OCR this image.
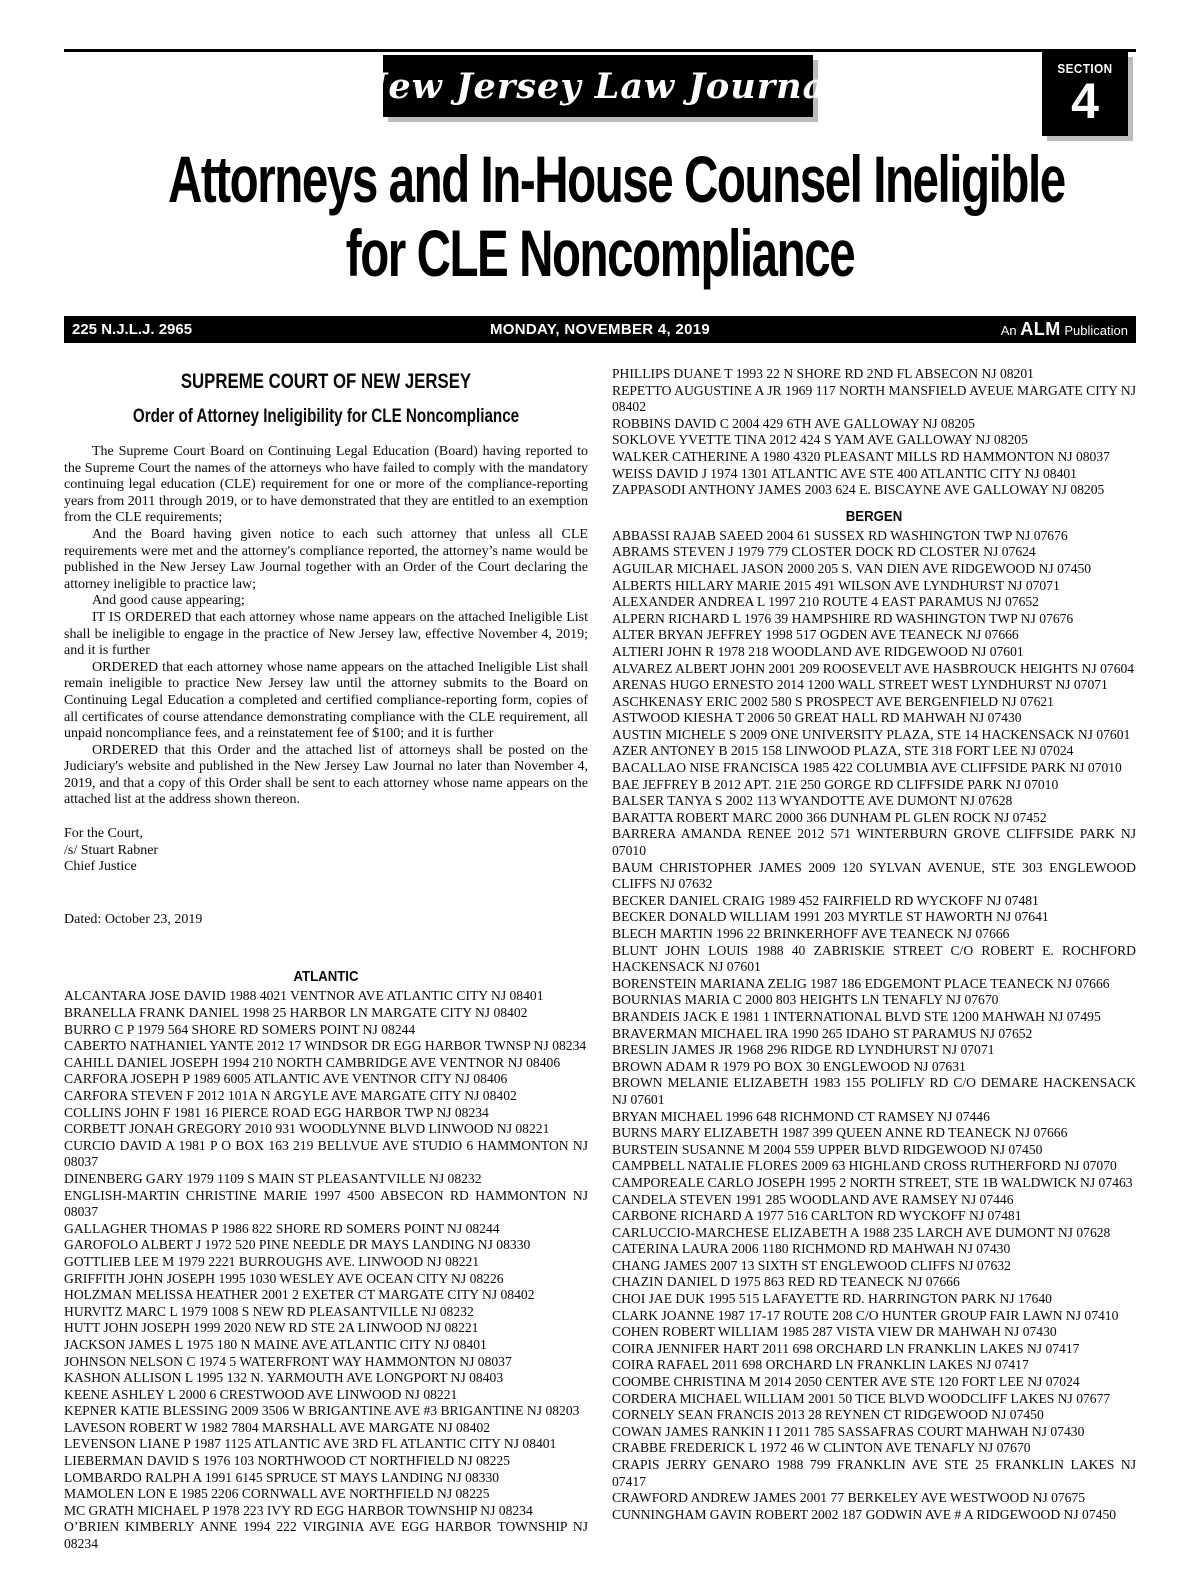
New Jersey Law Journal	SECTION
4
Attorneys and In-House Counsel Ineligible
for CLE Noncompliance
225 N.J.L.J. 2965	MONDAY, NOVEMBER 4, 2019	An ALM Publication
SUPREME COURT OF NEW JERSEY
Order of Attorney Ineligibility for CLE Noncompliance

The Supreme Court Board on Continuing Legal Education (Board) having reported to the Supreme Court the names of the attorneys who have failed to comply with the mandatory continuing legal education (CLE) requirement for one or more of the compliance-reporting years from 2011 through 2019, or to have demonstrated that they are entitled to an exemption from the CLE requirements;

And the Board having given notice to each such attorney that unless all CLE requirements were met and the attorney's compliance reported, the attorney’s name would be published in the New Jersey Law Journal together with an Order of the Court declaring the attorney ineligible to practice law;

And good cause appearing;

IT IS ORDERED that each attorney whose name appears on the attached Ineligible List shall be ineligible to engage in the practice of New Jersey law, effective November 4, 2019; and it is further

ORDERED that each attorney whose name appears on the attached Ineligible List shall remain ineligible to practice New Jersey law until the attorney submits to the Board on Continuing Legal Education a completed and certified compliance-reporting form, copies of all certificates of course attendance demonstrating compliance with the CLE requirement, all unpaid noncompliance fees, and a reinstatement fee of $100; and it is further

ORDERED that this Order and the attached list of attorneys shall be posted on the Judiciary's website and published in the New Jersey Law Journal no later than November 4, 2019, and that a copy of this Order shall be sent to each attorney whose name appears on the attached list at the address shown thereon.

For the Court,
/s/ Stuart Rabner
Chief Justice
Dated: October 23, 2019
ATLANTIC
ALCANTARA JOSE DAVID 1988 4021 VENTNOR AVE ATLANTIC CITY NJ 08401
BRANELLA FRANK DANIEL 1998 25 HARBOR LN MARGATE CITY NJ 08402
BURRO C P 1979 564 SHORE RD SOMERS POINT NJ 08244
CABERTO NATHANIEL YANTE 2012 17 WINDSOR DR EGG HARBOR TWNSP NJ 08234
CAHILL DANIEL JOSEPH 1994 210 NORTH CAMBRIDGE AVE VENTNOR NJ 08406
CARFORA JOSEPH P 1989 6005 ATLANTIC AVE VENTNOR CITY NJ 08406
CARFORA STEVEN F 2012 101A N ARGYLE AVE MARGATE CITY NJ 08402
COLLINS JOHN F 1981 16 PIERCE ROAD EGG HARBOR TWP NJ 08234
CORBETT JONAH GREGORY 2010 931 WOODLYNNE BLVD LINWOOD NJ 08221
CURCIO DAVID A 1981 P O BOX 163 219 BELLVUE AVE STUDIO 6 HAMMONTON NJ 08037
DINENBERG GARY 1979 1109 S MAIN ST PLEASANTVILLE NJ 08232
ENGLISH-MARTIN CHRISTINE MARIE 1997 4500 ABSECON RD HAMMONTON NJ 08037
GALLAGHER THOMAS P 1986 822 SHORE RD SOMERS POINT NJ 08244
GAROFOLO ALBERT J 1972 520 PINE NEEDLE DR MAYS LANDING NJ 08330
GOTTLIEB LEE M 1979 2221 BURROUGHS AVE. LINWOOD NJ 08221
GRIFFITH JOHN JOSEPH 1995 1030 WESLEY AVE OCEAN CITY NJ 08226
HOLZMAN MELISSA HEATHER 2001 2 EXETER CT MARGATE CITY NJ 08402
HURVITZ MARC L 1979 1008 S NEW RD PLEASANTVILLE NJ 08232
HUTT JOHN JOSEPH 1999 2020 NEW RD STE 2A LINWOOD NJ 08221
JACKSON JAMES L 1975 180 N MAINE AVE ATLANTIC CITY NJ 08401
JOHNSON NELSON C 1974 5 WATERFRONT WAY HAMMONTON NJ 08037
KASHON ALLISON L 1995 132 N. YARMOUTH AVE LONGPORT NJ 08403
KEENE ASHLEY L 2000 6 CRESTWOOD AVE LINWOOD NJ 08221
KEPNER KATIE BLESSING 2009 3506 W BRIGANTINE AVE #3 BRIGANTINE NJ 08203
LAVESON ROBERT W 1982 7804 MARSHALL AVE MARGATE NJ 08402
LEVENSON LIANE P 1987 1125 ATLANTIC AVE 3RD FL ATLANTIC CITY NJ 08401
LIEBERMAN DAVID S 1976 103 NORTHWOOD CT NORTHFIELD NJ 08225
LOMBARDO RALPH A 1991 6145 SPRUCE ST MAYS LANDING NJ 08330
MAMOLEN LON E 1985 2206 CORNWALL AVE NORTHFIELD NJ 08225
MC GRATH MICHAEL P 1978 223 IVY RD EGG HARBOR TOWNSHIP NJ 08234
O’BRIEN KIMBERLY ANNE 1994 222 VIRGINIA AVE EGG HARBOR TOWNSHIP NJ 08234
PHILLIPS DUANE T 1993 22 N SHORE RD 2ND FL ABSECON NJ 08201
REPETTO AUGUSTINE A JR 1969 117 NORTH MANSFIELD AVEUE MARGATE CITY NJ 08402
ROBBINS DAVID C 2004 429 6TH AVE GALLOWAY NJ 08205
SOKLOVE YVETTE TINA 2012 424 S YAM AVE GALLOWAY NJ 08205
WALKER CATHERINE A 1980 4320 PLEASANT MILLS RD HAMMONTON NJ 08037
WEISS DAVID J 1974 1301 ATLANTIC AVE STE 400 ATLANTIC CITY NJ 08401
ZAPPASODI ANTHONY JAMES 2003 624 E. BISCAYNE AVE GALLOWAY NJ 08205
BERGEN
ABBASSI RAJAB SAEED 2004 61 SUSSEX RD WASHINGTON TWP NJ 07676
ABRAMS STEVEN J 1979 779 CLOSTER DOCK RD CLOSTER NJ 07624
AGUILAR MICHAEL JASON 2000 205 S. VAN DIEN AVE RIDGEWOOD NJ 07450
ALBERTS HILLARY MARIE 2015 491 WILSON AVE LYNDHURST NJ 07071
ALEXANDER ANDREA L 1997 210 ROUTE 4 EAST PARAMUS NJ 07652
ALPERN RICHARD L 1976 39 HAMPSHIRE RD WASHINGTON TWP NJ 07676
ALTER BRYAN JEFFREY 1998 517 OGDEN AVE TEANECK NJ 07666
ALTIERI JOHN R 1978 218 WOODLAND AVE RIDGEWOOD NJ 07601
ALVAREZ ALBERT JOHN 2001 209 ROOSEVELT AVE HASBROUCK HEIGHTS NJ 07604
ARENAS HUGO ERNESTO 2014 1200 WALL STREET WEST LYNDHURST NJ 07071
ASCHKENASY ERIC 2002 580 S PROSPECT AVE BERGENFIELD NJ 07621
ASTWOOD KIESHA T 2006 50 GREAT HALL RD MAHWAH NJ 07430
AUSTIN MICHELE S 2009 ONE UNIVERSITY PLAZA, STE 14 HACKENSACK NJ 07601
AZER ANTONEY B 2015 158 LINWOOD PLAZA, STE 318 FORT LEE NJ 07024
BACALLAO NISE FRANCISCA 1985 422 COLUMBIA AVE CLIFFSIDE PARK NJ 07010
BAE JEFFREY B 2012 APT. 21E 250 GORGE RD CLIFFSIDE PARK NJ 07010
BALSER TANYA S 2002 113 WYANDOTTE AVE DUMONT NJ 07628
BARATTA ROBERT MARC 2000 366 DUNHAM PL GLEN ROCK NJ 07452
BARRERA AMANDA RENEE 2012 571 WINTERBURN GROVE CLIFFSIDE PARK NJ 07010
BAUM CHRISTOPHER JAMES 2009 120 SYLVAN AVENUE, STE 303 ENGLEWOOD CLIFFS NJ 07632
BECKER DANIEL CRAIG 1989 452 FAIRFIELD RD WYCKOFF NJ 07481
BECKER DONALD WILLIAM 1991 203 MYRTLE ST HAWORTH NJ 07641
BLECH MARTIN 1996 22 BRINKERHOFF AVE TEANECK NJ 07666
BLUNT JOHN LOUIS 1988 40 ZABRISKIE STREET C/O ROBERT E. ROCHFORD HACKENSACK NJ 07601
BORENSTEIN MARIANA ZELIG 1987 186 EDGEMONT PLACE TEANECK NJ 07666
BOURNIAS MARIA C 2000 803 HEIGHTS LN TENAFLY NJ 07670
BRANDEIS JACK E 1981 1 INTERNATIONAL BLVD STE 1200 MAHWAH NJ 07495
BRAVERMAN MICHAEL IRA 1990 265 IDAHO ST PARAMUS NJ 07652
BRESLIN JAMES JR 1968 296 RIDGE RD LYNDHURST NJ 07071
BROWN ADAM R 1979 PO BOX 30 ENGLEWOOD NJ 07631
BROWN MELANIE ELIZABETH 1983 155 POLIFLY RD C/O DEMARE HACKENSACK NJ 07601
BRYAN MICHAEL 1996 648 RICHMOND CT RAMSEY NJ 07446
BURNS MARY ELIZABETH 1987 399 QUEEN ANNE RD TEANECK NJ 07666
BURSTEIN SUSANNE M 2004 559 UPPER BLVD RIDGEWOOD NJ 07450
CAMPBELL NATALIE FLORES 2009 63 HIGHLAND CROSS RUTHERFORD NJ 07070
CAMPOREALE CARLO JOSEPH 1995 2 NORTH STREET, STE 1B WALDWICK NJ 07463
CANDELA STEVEN 1991 285 WOODLAND AVE RAMSEY NJ 07446
CARBONE RICHARD A 1977 516 CARLTON RD WYCKOFF NJ 07481
CARLUCCIO-MARCHESE ELIZABETH A 1988 235 LARCH AVE DUMONT NJ 07628
CATERINA LAURA 2006 1180 RICHMOND RD MAHWAH NJ 07430
CHANG JAMES 2007 13 SIXTH ST ENGLEWOOD CLIFFS NJ 07632
CHAZIN DANIEL D 1975 863 RED RD TEANECK NJ 07666
CHOI JAE DUK 1995 515 LAFAYETTE RD. HARRINGTON PARK NJ 17640
CLARK JOANNE 1987 17-17 ROUTE 208 C/O HUNTER GROUP FAIR LAWN NJ 07410
COHEN ROBERT WILLIAM 1985 287 VISTA VIEW DR MAHWAH NJ 07430
COIRA JENNIFER HART 2011 698 ORCHARD LN FRANKLIN LAKES NJ 07417
COIRA RAFAEL 2011 698 ORCHARD LN FRANKLIN LAKES NJ 07417
COOMBE CHRISTINA M 2014 2050 CENTER AVE STE 120 FORT LEE NJ 07024
CORDERA MICHAEL WILLIAM 2001 50 TICE BLVD WOODCLIFF LAKES NJ 07677
CORNELY SEAN FRANCIS 2013 28 REYNEN CT RIDGEWOOD NJ 07450
COWAN JAMES RANKIN I I 2011 785 SASSAFRAS COURT MAHWAH NJ 07430
CRABBE FREDERICK L 1972 46 W CLINTON AVE TENAFLY NJ 07670
CRAPIS JERRY GENARO 1988 799 FRANKLIN AVE STE 25 FRANKLIN LAKES NJ 07417
CRAWFORD ANDREW JAMES 2001 77 BERKELEY AVE WESTWOOD NJ 07675
CUNNINGHAM GAVIN ROBERT 2002 187 GODWIN AVE # A RIDGEWOOD NJ 07450
